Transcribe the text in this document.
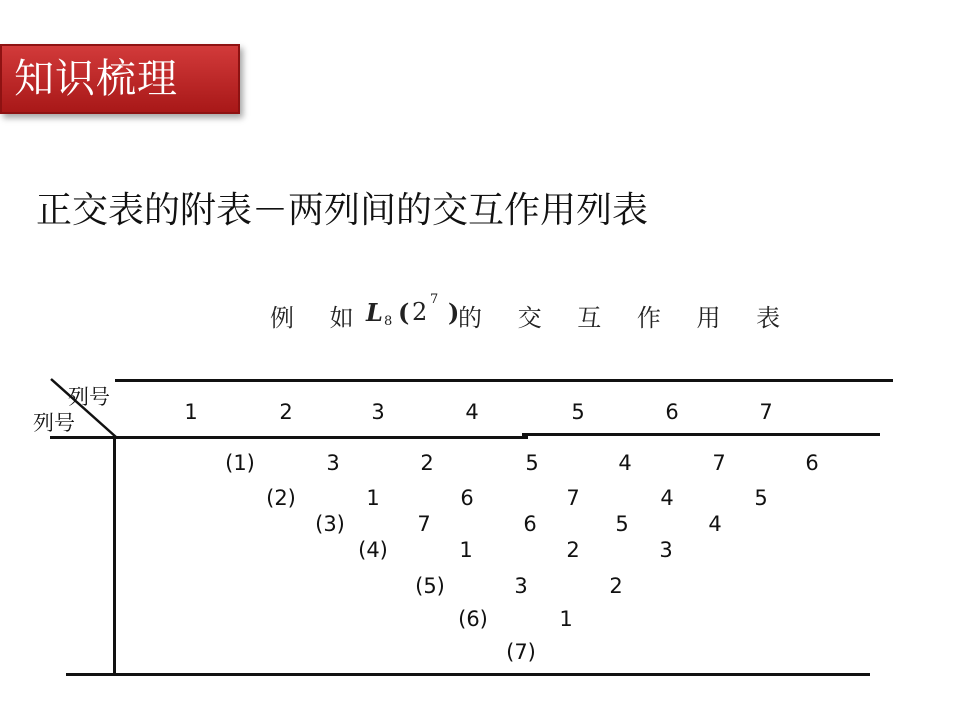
知识梳理
正交表的附表－两列间的交互作用列表
例 如
L 8 ( 2 7 )
的 交 互 作 用 表
列号
列号	1	2	3	4	5	6	7
(1)	3	2	5	4	7	6
(2)	1	6	7	4	5
(3)	7	6	5	4
(4)	1	2	3
(5)	3	2
(6)	1
(7)
